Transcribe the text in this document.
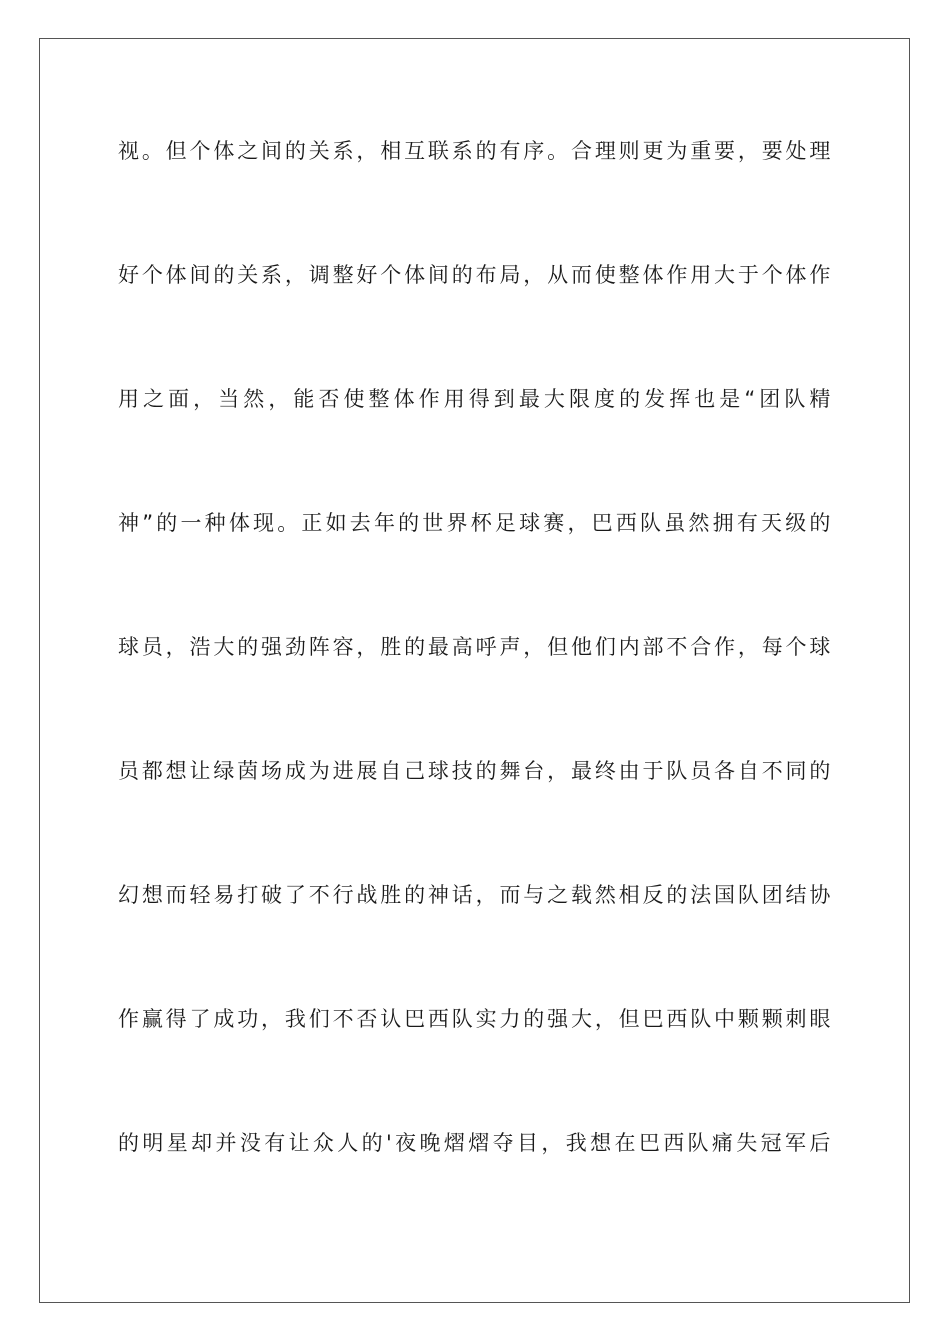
视。但个体之间的关系，相互联系的有序。合理则更为重要，要处理
好个体间的关系，调整好个体间的布局，从而使整体作用大于个体作
用之面，当然，能否使整体作用得到最大限度的发挥也是“团队精
神”的一种体现。正如去年的世界杯足球赛，巴西队虽然拥有天级的
球员，浩大的强劲阵容，胜的最高呼声，但他们内部不合作，每个球
员都想让绿茵场成为进展自己球技的舞台，最终由于队员各自不同的
幻想而轻易打破了不行战胜的神话，而与之载然相反的法国队团结协
作赢得了成功，我们不否认巴西队实力的强大，但巴西队中颗颗刺眼
的明星却并没有让众人的'夜晚熠熠夺目，我想在巴西队痛失冠军后
